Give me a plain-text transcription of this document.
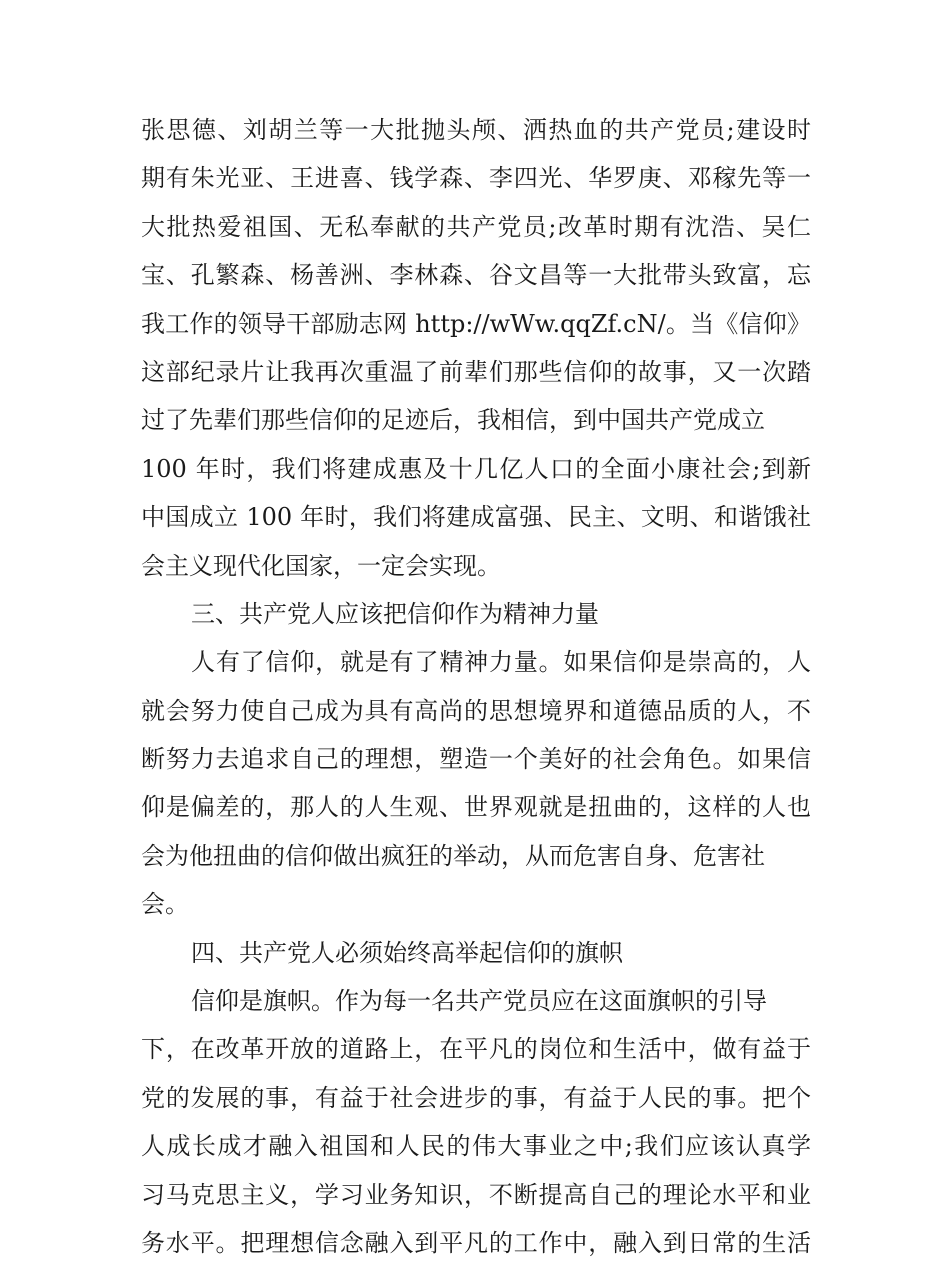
张思德、刘胡兰等一大批抛头颅、洒热血的共产党员;建设时
期有朱光亚、王进喜、钱学森、李四光、华罗庚、邓稼先等一
大批热爱祖国、无私奉献的共产党员;改革时期有沈浩、吴仁
宝、孔繁森、杨善洲、李林森、谷文昌等一大批带头致富，忘
我工作的领导干部励志网 http://wWw.qqZf.cN/。当《信仰》
这部纪录片让我再次重温了前辈们那些信仰的故事，又一次踏
过了先辈们那些信仰的足迹后，我相信，到中国共产党成立
100 年时，我们将建成惠及十几亿人口的全面小康社会;到新
中国成立 100 年时，我们将建成富强、民主、文明、和谐饿社
会主义现代化国家，一定会实现。
三、共产党人应该把信仰作为精神力量
人有了信仰，就是有了精神力量。如果信仰是崇高的，人
就会努力使自己成为具有高尚的思想境界和道德品质的人，不
断努力去追求自己的理想，塑造一个美好的社会角色。如果信
仰是偏差的，那人的人生观、世界观就是扭曲的，这样的人也
会为他扭曲的信仰做出疯狂的举动，从而危害自身、危害社
会。
四、共产党人必须始终高举起信仰的旗帜
信仰是旗帜。作为每一名共产党员应在这面旗帜的引导
下，在改革开放的道路上，在平凡的岗位和生活中，做有益于
党的发展的事，有益于社会进步的事，有益于人民的事。把个
人成长成才融入祖国和人民的伟大事业之中;我们应该认真学
习马克思主义，学习业务知识，不断提高自己的理论水平和业
务水平。把理想信念融入到平凡的工作中，融入到日常的生活
